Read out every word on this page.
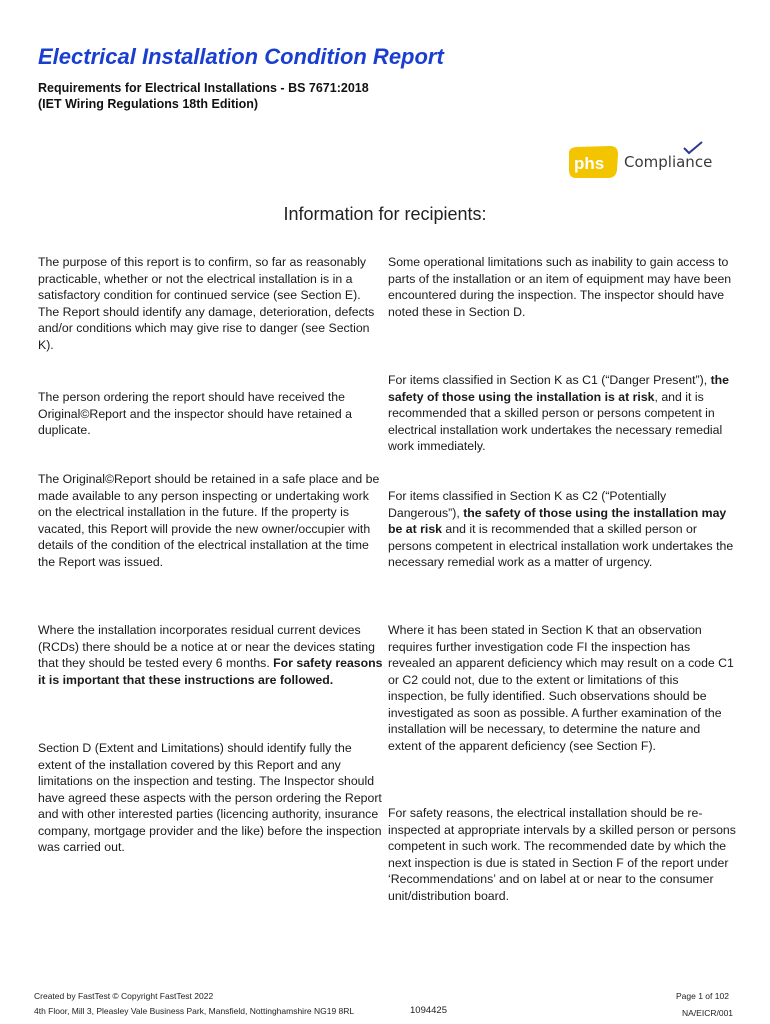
Electrical Installation Condition Report
Requirements for Electrical Installations - BS 7671:2018
(IET Wiring Regulations 18th Edition)
phs Compliance
Information for recipients:

The purpose of this report is to confirm, so far as reasonably practicable, whether or not the electrical installation is in a satisfactory condition for continued service (see Section E). The Report should identify any damage, deterioration, defects and/or conditions which may give rise to danger (see Section K).

The person ordering the report should have received the Original©Report and the inspector should have retained a duplicate.

The Original©Report should be retained in a safe place and be made available to any person inspecting or undertaking work on the electrical installation in the future. If the property is vacated, this Report will provide the new owner/occupier with details of the condition of the electrical installation at the time the Report was issued.

Where the installation incorporates residual current devices (RCDs) there should be a notice at or near the devices stating that they should be tested every 6 months. For safety reasons it is important that these instructions are followed.

Section D (Extent and Limitations) should identify fully the extent of the installation covered by this Report and any limitations on the inspection and testing. The Inspector should have agreed these aspects with the person ordering the Report and with other interested parties (licencing authority, insurance company, mortgage provider and the like) before the inspection was carried out.

Some operational limitations such as inability to gain access to parts of the installation or an item of equipment may have been encountered during the inspection. The inspector should have noted these in Section D.

For items classified in Section K as C1 (“Danger Present”), the safety of those using the installation is at risk, and it is recommended that a skilled person or persons competent in electrical installation work undertakes the necessary remedial work immediately.

For items classified in Section K as C2 (“Potentially Dangerous”), the safety of those using the installation may be at risk and it is recommended that a skilled person or persons competent in electrical installation work undertakes the necessary remedial work as a matter of urgency.

Where it has been stated in Section K that an observation requires further investigation code FI the inspection has revealed an apparent deficiency which may result on a code C1 or C2 could not, due to the extent or limitations of this inspection, be fully identified. Such observations should be investigated as soon as possible. A further examination of the installation will be necessary, to determine the nature and extent of the apparent deficiency (see Section F).

For safety reasons, the electrical installation should be re-inspected at appropriate intervals by a skilled person or persons competent in such work. The recommended date by which the next inspection is due is stated in Section F of the report under ‘Recommendations’ and on label at or near to the consumer unit/distribution board.

Created by FastTest © Copyright FastTest 2022
4th Floor, Mill 3, Pleasley Vale Business Park, Mansfield, Nottinghamshire NG19 8RL	1094425
Page 1 of 102
NA/EICR/001
